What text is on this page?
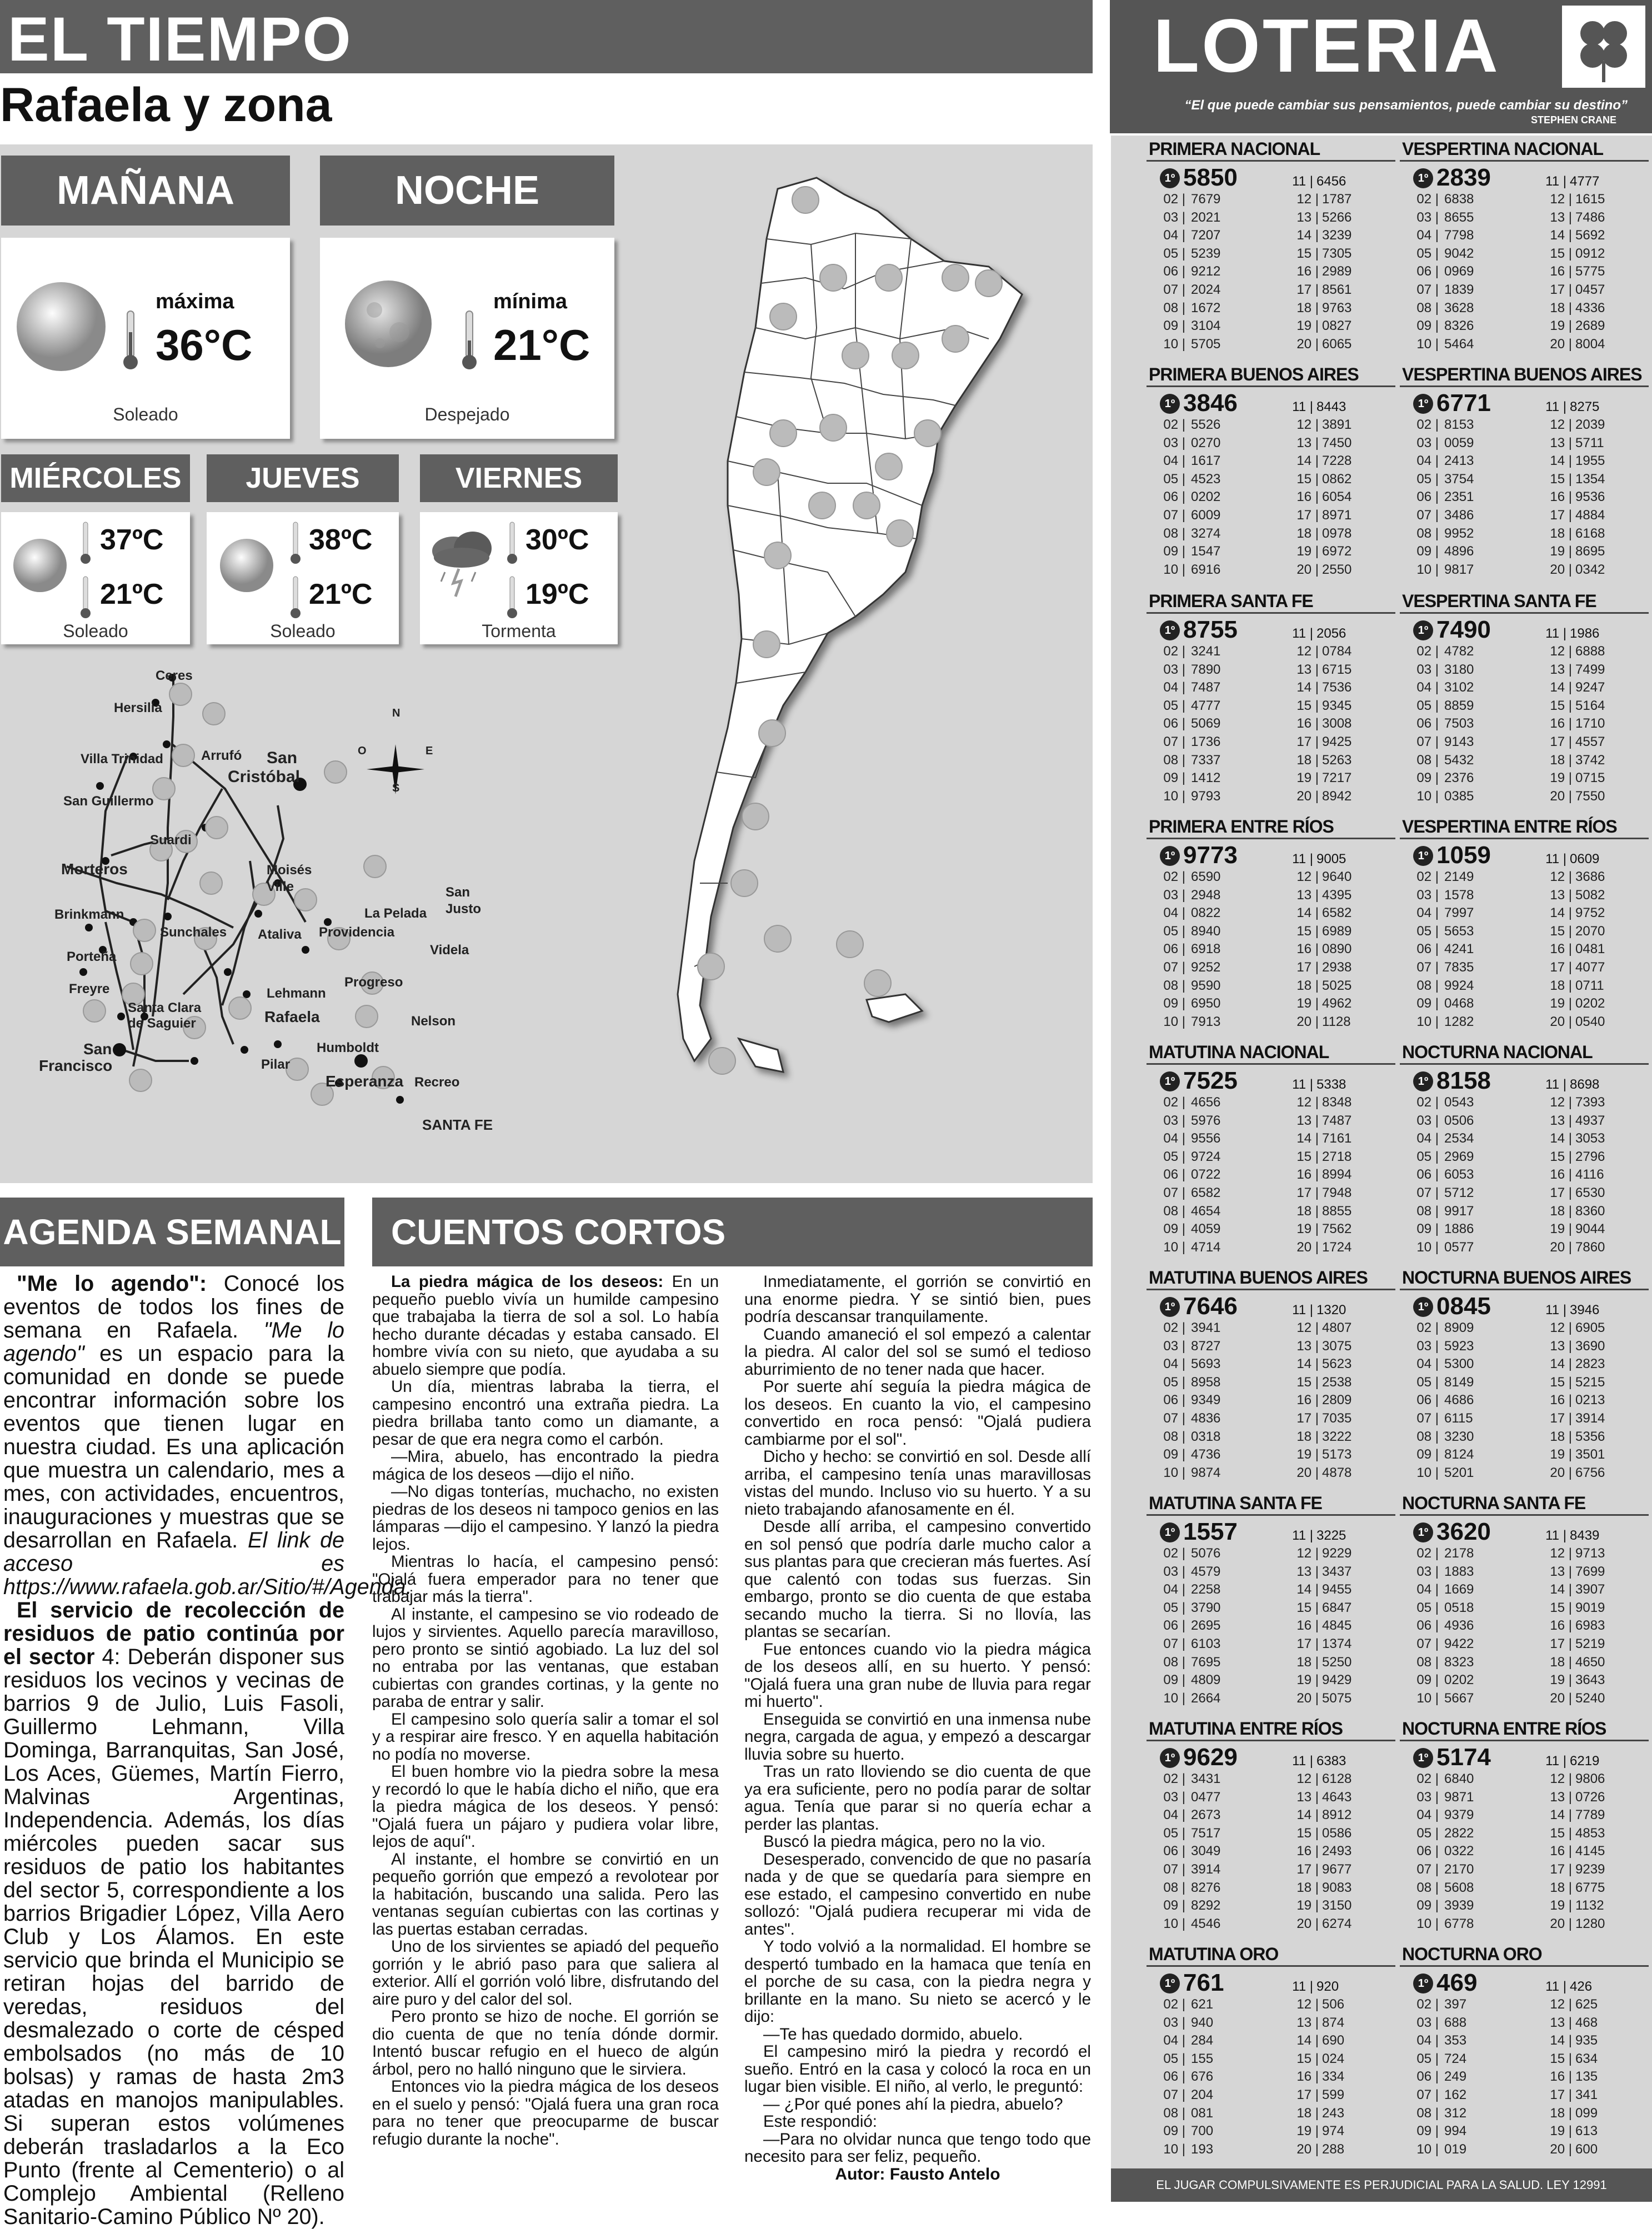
EL TIEMPO
Rafaela y zona
MAÑANA
máxima
36°C
Soleado
NOCHE
mínima
21°C
Despejado
MIÉRCOLES	JUEVES	VIERNES
37ºC
21ºC
Soleado
38ºC
21ºC
Soleado
30ºC
19ºC
Tormenta
N
S
E
O
Ceres
Hersilia
Villa Trinidad	Arrufó San
Cristóbal
San Guillermo
Suardi
Morteros	Moisés
Ville	San
Justo
La Pelada
Brinkmann
Sunchales Ataliva Providencia
Videla
Porteña
Progreso
Freyre	Lehmann
Santa Clara
de Saguier	Rafaela	Nelson
San
Francisco
Humboldt
Pilar
Esperanza Recreo
SANTA FE
LOTERIA
“El que puede cambiar sus pensamientos, puede cambiar su destino”
STEPHEN CRANE
PRIMERA NACIONAL
1º 5850	11 | 6456
02 | 7679	12 | 1787
03 | 2021	13 | 5266
04 | 7207	14 | 3239
05 | 5239	15 | 7305
06 | 9212	16 | 2989
07 | 2024	17 | 8561
08 | 1672	18 | 9763
09 | 3104	19 | 0827
10 | 5705	20 | 6065
VESPERTINA NACIONAL
1º 2839	11 | 4777
02 | 6838	12 | 1615
03 | 8655	13 | 7486
04 | 7798	14 | 5692
05 | 9042	15 | 0912
06 | 0969	16 | 5775
07 | 1839	17 | 0457
08 | 3628	18 | 4336
09 | 8326	19 | 2689
10 | 5464	20 | 8004
PRIMERA BUENOS AIRES
1º 3846	11 | 8443
02 | 5526	12 | 3891
03 | 0270	13 | 7450
04 | 1617	14 | 7228
05 | 4523	15 | 0862
06 | 0202	16 | 6054
07 | 6009	17 | 8971
08 | 3274	18 | 0978
09 | 1547	19 | 6972
10 | 6916	20 | 2550
VESPERTINA BUENOS AIRES
1º 6771	11 | 8275
02 | 8153	12 | 2039
03 | 0059	13 | 5711
04 | 2413	14 | 1955
05 | 3754	15 | 1354
06 | 2351	16 | 9536
07 | 3486	17 | 4884
08 | 9952	18 | 6168
09 | 4896	19 | 8695
10 | 9817	20 | 0342
PRIMERA SANTA FE
1º 8755	11 | 2056
02 | 3241	12 | 0784
03 | 7890	13 | 6715
04 | 7487	14 | 7536
05 | 4777	15 | 9345
06 | 5069	16 | 3008
07 | 1736	17 | 9425
08 | 7337	18 | 5263
09 | 1412	19 | 7217
10 | 9793	20 | 8942
VESPERTINA SANTA FE
1º 7490	11 | 1986
02 | 4782	12 | 6888
03 | 3180	13 | 7499
04 | 3102	14 | 9247
05 | 8859	15 | 5164
06 | 7503	16 | 1710
07 | 9143	17 | 4557
08 | 5432	18 | 3742
09 | 2376	19 | 0715
10 | 0385	20 | 7550
PRIMERA ENTRE RÍOS
1º 9773	11 | 9005
02 | 6590	12 | 9640
03 | 2948	13 | 4395
04 | 0822	14 | 6582
05 | 8940	15 | 6989
06 | 6918	16 | 0890
07 | 9252	17 | 2938
08 | 9590	18 | 5025
09 | 6950	19 | 4962
10 | 7913	20 | 1128
VESPERTINA ENTRE RÍOS
1º 1059	11 | 0609
02 | 2149	12 | 3686
03 | 1578	13 | 5082
04 | 7997	14 | 9752
05 | 5653	15 | 2070
06 | 4241	16 | 0481
07 | 7835	17 | 4077
08 | 9924	18 | 0711
09 | 0468	19 | 0202
10 | 1282	20 | 0540
MATUTINA NACIONAL
1º 7525	11 | 5338
02 | 4656	12 | 8348
03 | 5976	13 | 7487
04 | 9556	14 | 7161
05 | 9724	15 | 2718
06 | 0722	16 | 8994
07 | 6582	17 | 7948
08 | 4654	18 | 8855
09 | 4059	19 | 7562
10 | 4714	20 | 1724
NOCTURNA NACIONAL
1º 8158	11 | 8698
02 | 0543	12 | 7393
03 | 0506	13 | 4937
04 | 2534	14 | 3053
05 | 2969	15 | 2796
06 | 6053	16 | 4116
07 | 5712	17 | 6530
08 | 9917	18 | 8360
09 | 1886	19 | 9044
10 | 0577	20 | 7860
MATUTINA BUENOS AIRES
1º 7646	11 | 1320
02 | 3941	12 | 4807
03 | 8727	13 | 3075
04 | 5693	14 | 5623
05 | 8958	15 | 2538
06 | 9349	16 | 2809
07 | 4836	17 | 7035
08 | 0318	18 | 3222
09 | 4736	19 | 5173
10 | 9874	20 | 4878
NOCTURNA BUENOS AIRES
1º 0845	11 | 3946
02 | 8909	12 | 6905
03 | 5923	13 | 3690
04 | 5300	14 | 2823
05 | 8149	15 | 5215
06 | 4686	16 | 0213
07 | 6115	17 | 3914
08 | 3230	18 | 5356
09 | 8124	19 | 3501
10 | 5201	20 | 6756
MATUTINA SANTA FE
1º 1557	11 | 3225
02 | 5076	12 | 9229
03 | 4579	13 | 3437
04 | 2258	14 | 9455
05 | 3790	15 | 6847
06 | 2695	16 | 4845
07 | 6103	17 | 1374
08 | 7695	18 | 5250
09 | 4809	19 | 9429
10 | 2664	20 | 5075
NOCTURNA SANTA FE
1º 3620	11 | 8439
02 | 2178	12 | 9713
03 | 1883	13 | 7699
04 | 1669	14 | 3907
05 | 0518	15 | 9019
06 | 4936	16 | 6983
07 | 9422	17 | 5219
08 | 8323	18 | 4650
09 | 0202	19 | 3643
10 | 5667	20 | 5240
MATUTINA ENTRE RÍOS
1º 9629	11 | 6383
02 | 3431	12 | 6128
03 | 0477	13 | 4643
04 | 2673	14 | 8912
05 | 7517	15 | 0586
06 | 3049	16 | 2493
07 | 3914	17 | 9677
08 | 8276	18 | 9083
09 | 8292	19 | 3150
10 | 4546	20 | 6274
NOCTURNA ENTRE RÍOS
1º 5174	11 | 6219
02 | 6840	12 | 9806
03 | 9871	13 | 0726
04 | 9379	14 | 7789
05 | 2822	15 | 4853
06 | 0322	16 | 4145
07 | 2170	17 | 9239
08 | 5608	18 | 6775
09 | 3939	19 | 1132
10 | 6778	20 | 1280
MATUTINA ORO
1º 761	11 | 920
02 | 621	12 | 506
03 | 940	13 | 874
04 | 284	14 | 690
05 | 155	15 | 024
06 | 676	16 | 334
07 | 204	17 | 599
08 | 081	18 | 243
09 | 700	19 | 974
10 | 193	20 | 288
NOCTURNA ORO
1º 469	11 | 426
02 | 397	12 | 625
03 | 688	13 | 468
04 | 353	14 | 935
05 | 724	15 | 634
06 | 249	16 | 135
07 | 162	17 | 341
08 | 312	18 | 099
09 | 994	19 | 613
10 | 019	20 | 600
EL JUGAR COMPULSIVAMENTE ES PERJUDICIAL PARA LA SALUD. LEY 12991
AGENDA SEMANAL

"Me lo agendo": Conocé los eventos de todos los fines de semana en Rafaela. "Me lo agendo" es un espacio para la comunidad en donde se puede encontrar información sobre los eventos que tienen lugar en nuestra ciudad. Es una aplicación que muestra un calendario, mes a mes, con actividades, encuentros, inauguraciones y muestras que se desarrollan en Rafaela. El link de acceso es https://www.rafaela.gob.ar/Sitio/#/Agenda.

El servicio de recolección de residuos de patio continúa por el sector 4: Deberán disponer sus residuos los vecinos y vecinas de barrios 9 de Julio, Luis Fasoli, Guillermo Lehmann, Villa Dominga, Barranquitas, San José, Los Aces, Güemes, Martín Fierro, Malvinas Argentinas, Independencia. Además, los días miércoles pueden sacar sus residuos de patio los habitantes del sector 5, correspondiente a los barrios Brigadier López, Villa Aero Club y Los Álamos. En este servicio que brinda el Municipio se retiran hojas del barrido de veredas, residuos del desmalezado o corte de césped embolsados (no más de 10 bolsas) y ramas de hasta 2m3 atadas en manojos manipulables. Si superan estos volúmenes deberán trasladarlos a la Eco Punto (frente al Cementerio) o al Complejo Ambiental (Relleno Sanitario-Camino Público Nº 20).

CUENTOS CORTOS

La piedra mágica de los deseos: En un pequeño pueblo vivía un humilde campesino que trabajaba la tierra de sol a sol. Lo había hecho durante décadas y estaba cansado. El hombre vivía con su nieto, que ayudaba a su abuelo siempre que podía.

Un día, mientras labraba la tierra, el campesino encontró una extraña piedra. La piedra brillaba tanto como un diamante, a pesar de que era negra como el carbón.

—Mira, abuelo, has encontrado la piedra mágica de los deseos —dijo el niño.

—No digas tonterías, muchacho, no existen piedras de los deseos ni tampoco genios en las lámparas —dijo el campesino. Y lanzó la piedra lejos.

Mientras lo hacía, el campesino pensó: "Ojalá fuera emperador para no tener que trabajar más la tierra".

Al instante, el campesino se vio rodeado de lujos y sirvientes. Aquello parecía maravilloso, pero pronto se sintió agobiado. La luz del sol no entraba por las ventanas, que estaban cubiertas con grandes cortinas, y la gente no paraba de entrar y salir.

El campesino solo quería salir a tomar el sol y a respirar aire fresco. Y en aquella habitación no podía no moverse.

El buen hombre vio la piedra sobre la mesa y recordó lo que le había dicho el niño, que era la piedra mágica de los deseos. Y pensó: "Ojalá fuera un pájaro y pudiera volar libre, lejos de aquí".

Al instante, el hombre se convirtió en un pequeño gorrión que empezó a revolotear por la habitación, buscando una salida. Pero las ventanas seguían cubiertas con las cortinas y las puertas estaban cerradas.

Uno de los sirvientes se apiadó del pequeño gorrión y le abrió paso para que saliera al exterior. Allí el gorrión voló libre, disfrutando del aire puro y del calor del sol.

Pero pronto se hizo de noche. El gorrión se dio cuenta de que no tenía dónde dormir. Intentó buscar refugio en el hueco de algún árbol, pero no halló ninguno que le sirviera.

Entonces vio la piedra mágica de los deseos en el suelo y pensó: "Ojalá fuera una gran roca para no tener que preocuparme de buscar refugio durante la noche".

Inmediatamente, el gorrión se convirtió en una enorme piedra. Y se sintió bien, pues podría descansar tranquilamente.

Cuando amaneció el sol empezó a calentar la piedra. Al calor del sol se sumó el tedioso aburrimiento de no tener nada que hacer.

Por suerte ahí seguía la piedra mágica de los deseos. En cuanto la vio, el campesino convertido en roca pensó: "Ojalá pudiera cambiarme por el sol".

Dicho y hecho: se convirtió en sol. Desde allí arriba, el campesino tenía unas maravillosas vistas del mundo. Incluso vio su huerto. Y a su nieto trabajando afanosamente en él.

Desde allí arriba, el campesino convertido en sol pensó que podría darle mucho calor a sus plantas para que crecieran más fuertes. Así que calentó con todas sus fuerzas. Sin embargo, pronto se dio cuenta de que estaba secando mucho la tierra. Si no llovía, las plantas se secarían.

Fue entonces cuando vio la piedra mágica de los deseos allí, en su huerto. Y pensó: "Ojalá fuera una gran nube de lluvia para regar mi huerto".

Enseguida se convirtió en una inmensa nube negra, cargada de agua, y empezó a descargar lluvia sobre su huerto.

Tras un rato lloviendo se dio cuenta de que ya era suficiente, pero no podía parar de soltar agua. Tenía que parar si no quería echar a perder las plantas.

Buscó la piedra mágica, pero no la vio.

Desesperado, convencido de que no pasaría nada y de que se quedaría para siempre en ese estado, el campesino convertido en nube sollozó: "Ojalá pudiera recuperar mi vida de antes".

Y todo volvió a la normalidad. El hombre se despertó tumbado en la hamaca que tenía en el porche de su casa, con la piedra negra y brillante en la mano. Su nieto se acercó y le dijo:

—Te has quedado dormido, abuelo.

El campesino miró la piedra y recordó el sueño. Entró en la casa y colocó la roca en un lugar bien visible. El niño, al verlo, le preguntó:

— ¿Por qué pones ahí la piedra, abuelo?

Este respondió:

—Para no olvidar nunca que tengo todo que necesito para ser feliz, pequeño.

Autor: Fausto Antelo
